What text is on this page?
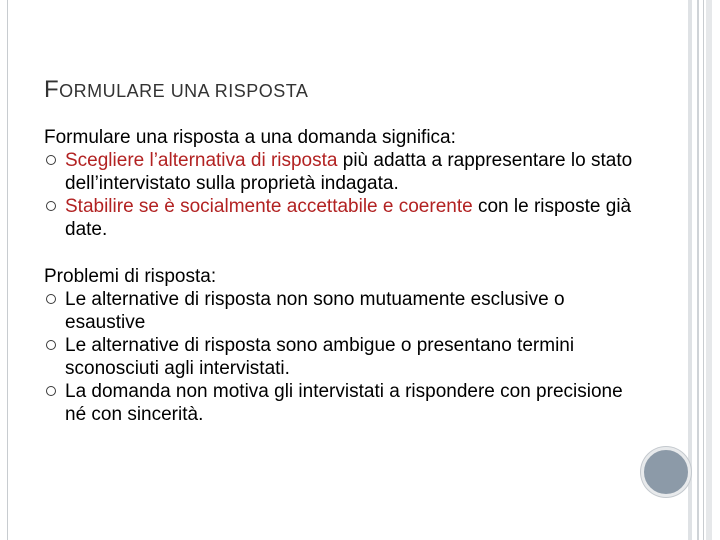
FORMULARE UNA RISPOSTA

Formulare una risposta a una domanda significa:

Scegliere l’alternativa di risposta più adatta a rappresentare lo stato dell’intervistato sulla proprietà indagata.
Stabilire se è socialmente accettabile e coerente con le risposte già date.

Problemi di risposta:

Le alternative di risposta non sono mutuamente esclusive o esaustive
Le alternative di risposta sono ambigue o presentano termini sconosciuti agli intervistati.
La domanda non motiva gli intervistati a rispondere con precisione né con sincerità.
